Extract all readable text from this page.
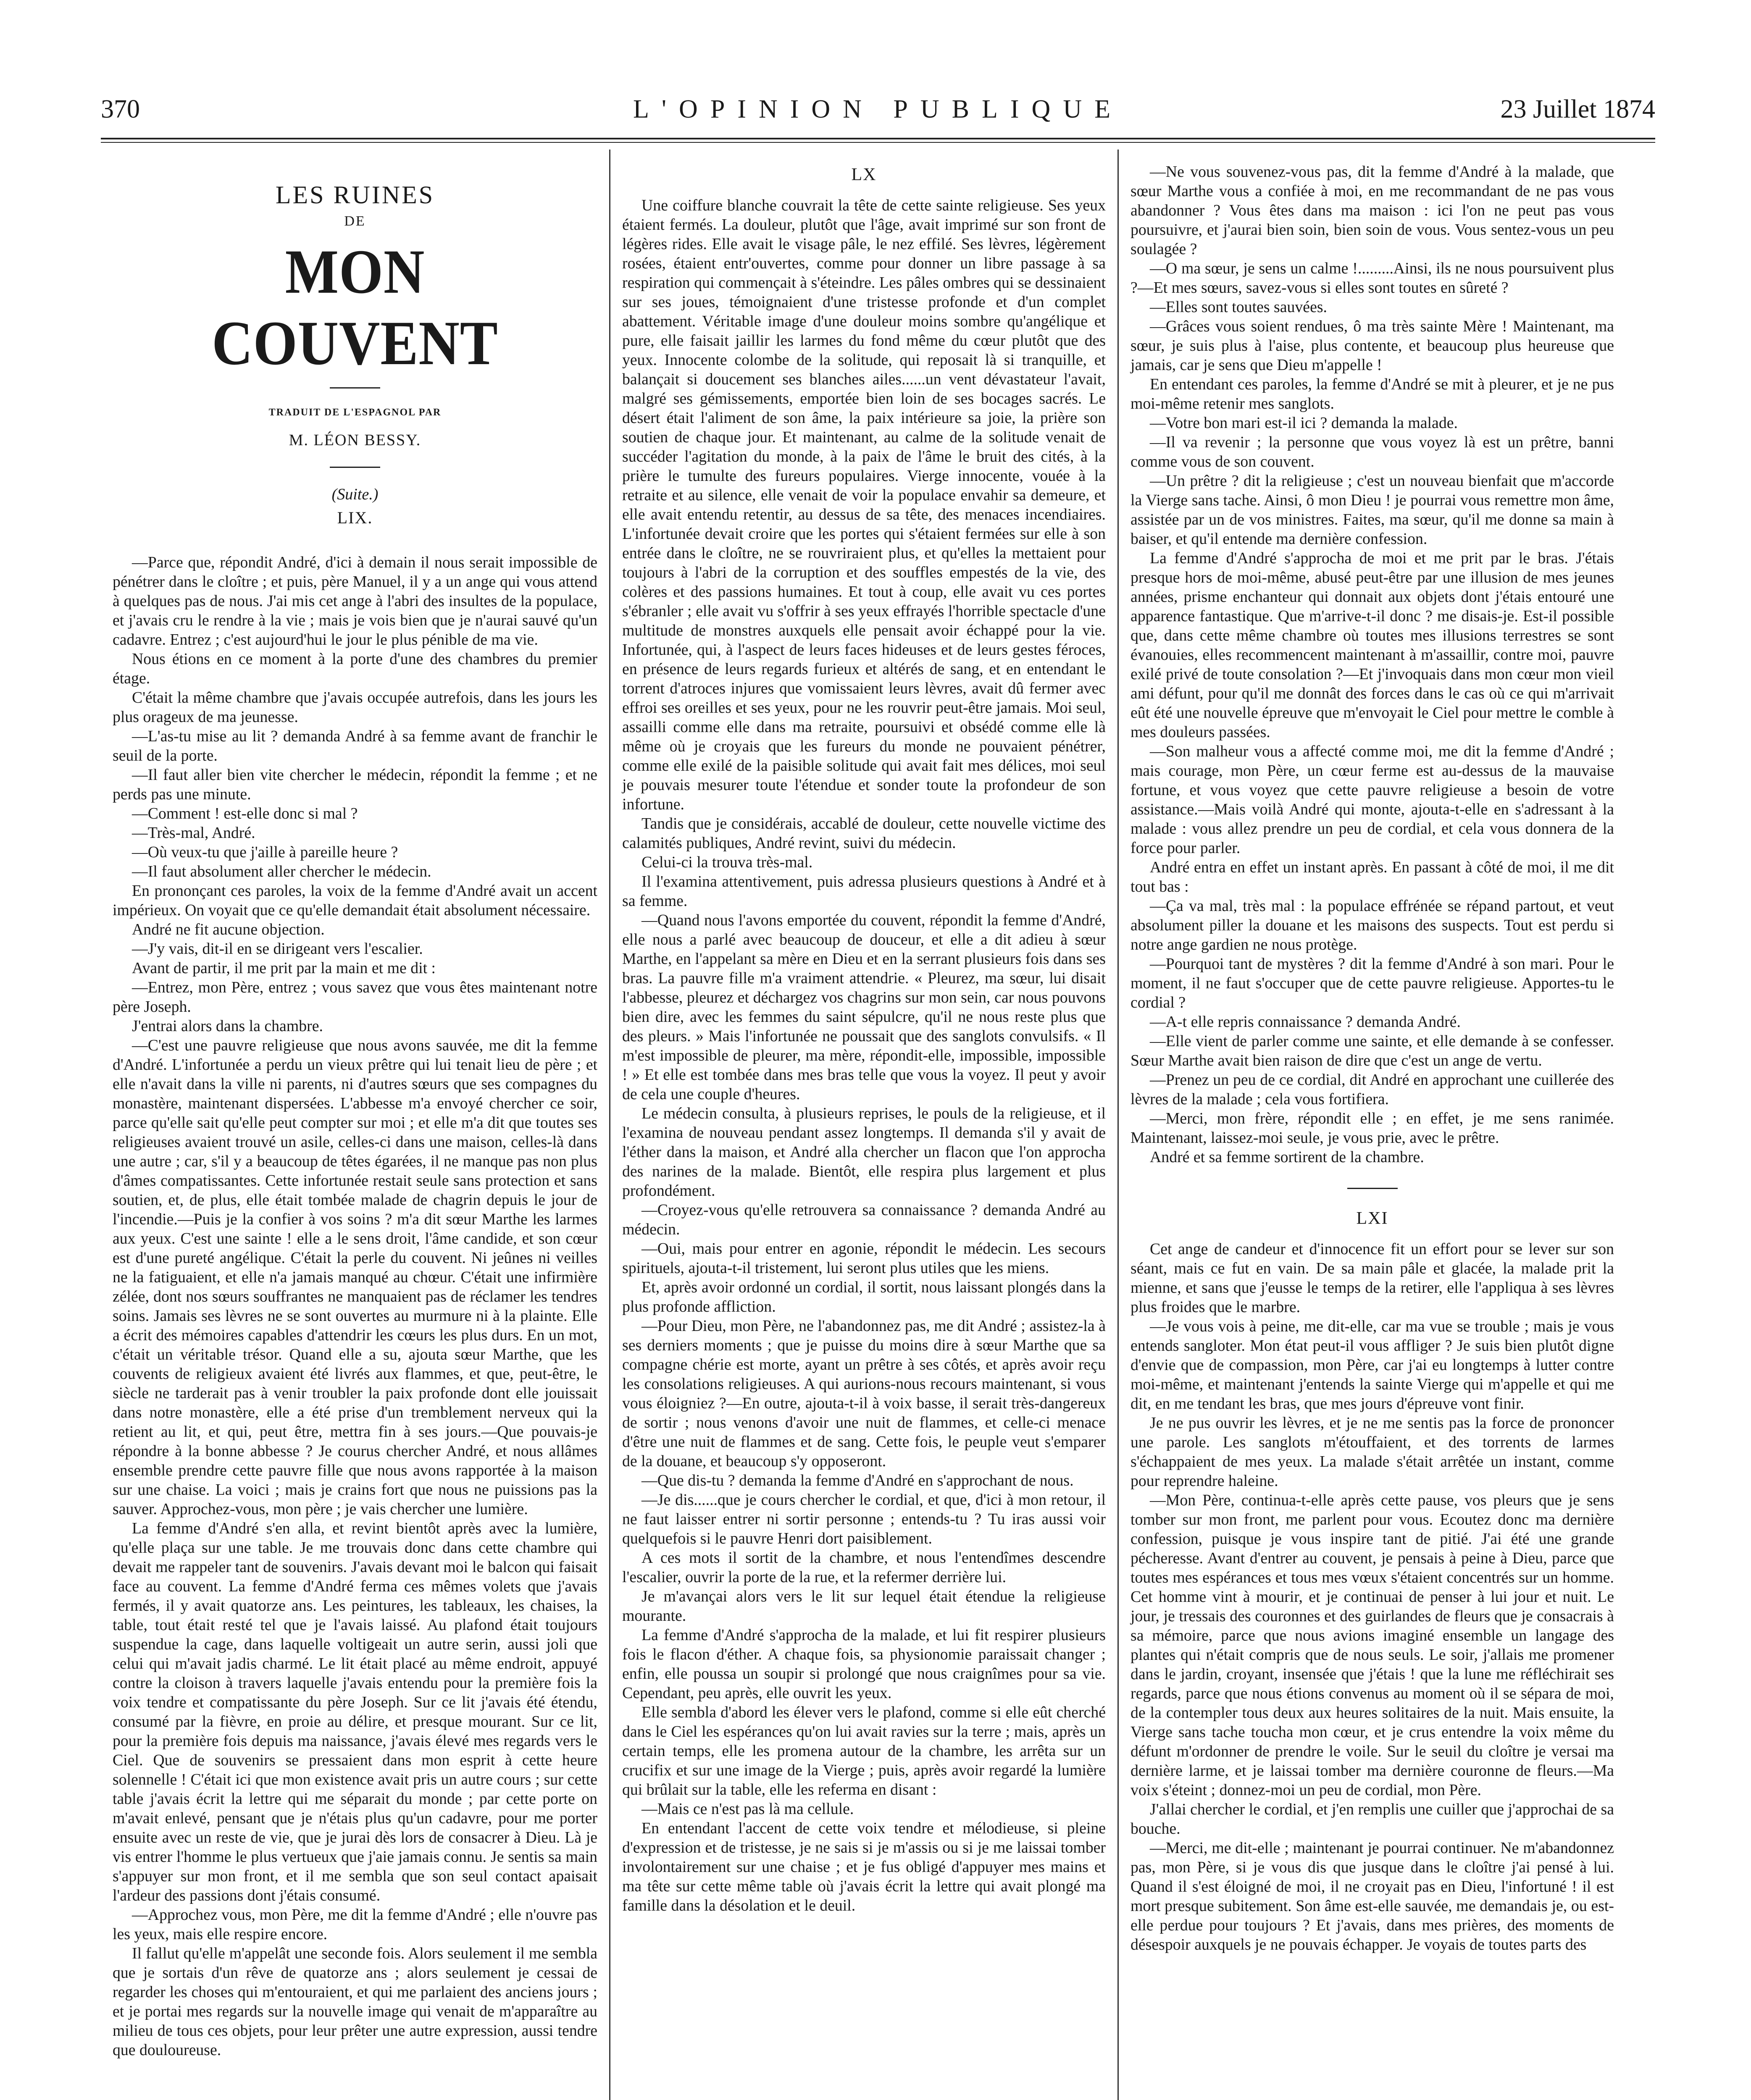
370	L'OPINION PUBLIQUE	23 Juillet 1874
LES RUINES
DE
MON COUVENT
TRADUIT DE L'ESPAGNOL PAR
M. LÉON BESSY.
(Suite.)
LIX.

—Parce que, répondit André, d'ici à demain il nous serait impossible de pénétrer dans le cloître ; et puis, père Manuel, il y a un ange qui vous attend à quelques pas de nous. J'ai mis cet ange à l'abri des insultes de la populace, et j'avais cru le rendre à la vie ; mais je vois bien que je n'aurai sauvé qu'un cadavre. Entrez ; c'est aujourd'hui le jour le plus pénible de ma vie.

Nous étions en ce moment à la porte d'une des chambres du premier étage.

C'était la même chambre que j'avais occupée autrefois, dans les jours les plus orageux de ma jeunesse.

—L'as-tu mise au lit ? demanda André à sa femme avant de franchir le seuil de la porte.

—Il faut aller bien vite chercher le médecin, répondit la femme ; et ne perds pas une minute.

—Comment ! est-elle donc si mal ?

—Très-mal, André.

—Où veux-tu que j'aille à pareille heure ?

—Il faut absolument aller chercher le médecin.

En prononçant ces paroles, la voix de la femme d'André avait un accent impérieux. On voyait que ce qu'elle demandait était absolument nécessaire.

André ne fit aucune objection.

—J'y vais, dit-il en se dirigeant vers l'escalier.

Avant de partir, il me prit par la main et me dit :

—Entrez, mon Père, entrez ; vous savez que vous êtes maintenant notre père Joseph.

J'entrai alors dans la chambre.

—C'est une pauvre religieuse que nous avons sauvée, me dit la femme d'André. L'infortunée a perdu un vieux prêtre qui lui tenait lieu de père ; et elle n'avait dans la ville ni parents, ni d'autres sœurs que ses compagnes du monastère, maintenant dispersées. L'abbesse m'a envoyé chercher ce soir, parce qu'elle sait qu'elle peut compter sur moi ; et elle m'a dit que toutes ses religieuses avaient trouvé un asile, celles-ci dans une maison, celles-là dans une autre ; car, s'il y a beaucoup de têtes égarées, il ne manque pas non plus d'âmes compatissantes. Cette infortunée restait seule sans protection et sans soutien, et, de plus, elle était tombée malade de chagrin depuis le jour de l'incendie.—Puis je la confier à vos soins ? m'a dit sœur Marthe les larmes aux yeux. C'est une sainte ! elle a le sens droit, l'âme candide, et son cœur est d'une pureté angélique. C'était la perle du couvent. Ni jeûnes ni veilles ne la fatiguaient, et elle n'a jamais manqué au chœur. C'était une infirmière zélée, dont nos sœurs souffrantes ne manquaient pas de réclamer les tendres soins. Jamais ses lèvres ne se sont ouvertes au murmure ni à la plainte. Elle a écrit des mémoires capables d'attendrir les cœurs les plus durs. En un mot, c'était un véritable trésor. Quand elle a su, ajouta sœur Marthe, que les couvents de religieux avaient été livrés aux flammes, et que, peut-être, le siècle ne tarderait pas à venir troubler la paix profonde dont elle jouissait dans notre monastère, elle a été prise d'un tremblement nerveux qui la retient au lit, et qui, peut être, mettra fin à ses jours.—Que pouvais-je répondre à la bonne abbesse ? Je courus chercher André, et nous allâmes ensemble prendre cette pauvre fille que nous avons rapportée à la maison sur une chaise. La voici ; mais je crains fort que nous ne puissions pas la sauver. Approchez-vous, mon père ; je vais chercher une lumière.

La femme d'André s'en alla, et revint bientôt après avec la lumière, qu'elle plaça sur une table. Je me trouvais donc dans cette chambre qui devait me rappeler tant de souvenirs. J'avais devant moi le balcon qui faisait face au couvent. La femme d'André ferma ces mêmes volets que j'avais fermés, il y avait quatorze ans. Les peintures, les tableaux, les chaises, la table, tout était resté tel que je l'avais laissé. Au plafond était toujours suspendue la cage, dans laquelle voltigeait un autre serin, aussi joli que celui qui m'avait jadis charmé. Le lit était placé au même endroit, appuyé contre la cloison à travers laquelle j'avais entendu pour la première fois la voix tendre et compatissante du père Joseph. Sur ce lit j'avais été étendu, consumé par la fièvre, en proie au délire, et presque mourant. Sur ce lit, pour la première fois depuis ma naissance, j'avais élevé mes regards vers le Ciel. Que de souvenirs se pressaient dans mon esprit à cette heure solennelle ! C'était ici que mon existence avait pris un autre cours ; sur cette table j'avais écrit la lettre qui me séparait du monde ; par cette porte on m'avait enlevé, pensant que je n'étais plus qu'un cadavre, pour me porter ensuite avec un reste de vie, que je jurai dès lors de consacrer à Dieu. Là je vis entrer l'homme le plus vertueux que j'aie jamais connu. Je sentis sa main s'appuyer sur mon front, et il me sembla que son seul contact apaisait l'ardeur des passions dont j'étais consumé.

—Approchez vous, mon Père, me dit la femme d'André ; elle n'ouvre pas les yeux, mais elle respire encore.

Il fallut qu'elle m'appelât une seconde fois. Alors seulement il me sembla que je sortais d'un rêve de quatorze ans ; alors seulement je cessai de regarder les choses qui m'entouraient, et qui me parlaient des anciens jours ; et je portai mes regards sur la nouvelle image qui venait de m'apparaître au milieu de tous ces objets, pour leur prêter une autre expression, aussi tendre que douloureuse.

LX

Une coiffure blanche couvrait la tête de cette sainte religieuse. Ses yeux étaient fermés. La douleur, plutôt que l'âge, avait imprimé sur son front de légères rides. Elle avait le visage pâle, le nez effilé. Ses lèvres, légèrement rosées, étaient entr'ouvertes, comme pour donner un libre passage à sa respiration qui commençait à s'éteindre. Les pâles ombres qui se dessinaient sur ses joues, témoignaient d'une tristesse profonde et d'un complet abattement. Véritable image d'une douleur moins sombre qu'angélique et pure, elle faisait jaillir les larmes du fond même du cœur plutôt que des yeux. Innocente colombe de la solitude, qui reposait là si tranquille, et balançait si doucement ses blanches ailes......un vent dévastateur l'avait, malgré ses gémissements, emportée bien loin de ses bocages sacrés. Le désert était l'aliment de son âme, la paix intérieure sa joie, la prière son soutien de chaque jour. Et maintenant, au calme de la solitude venait de succéder l'agitation du monde, à la paix de l'âme le bruit des cités, à la prière le tumulte des fureurs populaires. Vierge innocente, vouée à la retraite et au silence, elle venait de voir la populace envahir sa demeure, et elle avait entendu retentir, au dessus de sa tête, des menaces incendiaires. L'infortunée devait croire que les portes qui s'étaient fermées sur elle à son entrée dans le cloître, ne se rouvriraient plus, et qu'elles la mettaient pour toujours à l'abri de la corruption et des souffles empestés de la vie, des colères et des passions humaines. Et tout à coup, elle avait vu ces portes s'ébranler ; elle avait vu s'offrir à ses yeux effrayés l'horrible spectacle d'une multitude de monstres auxquels elle pensait avoir échappé pour la vie. Infortunée, qui, à l'aspect de leurs faces hideuses et de leurs gestes féroces, en présence de leurs regards furieux et altérés de sang, et en entendant le torrent d'atroces injures que vomissaient leurs lèvres, avait dû fermer avec effroi ses oreilles et ses yeux, pour ne les rouvrir peut-être jamais. Moi seul, assailli comme elle dans ma retraite, poursuivi et obsédé comme elle là même où je croyais que les fureurs du monde ne pouvaient pénétrer, comme elle exilé de la paisible solitude qui avait fait mes délices, moi seul je pouvais mesurer toute l'étendue et sonder toute la profondeur de son infortune.

Tandis que je considérais, accablé de douleur, cette nouvelle victime des calamités publiques, André revint, suivi du médecin.

Celui-ci la trouva très-mal.

Il l'examina attentivement, puis adressa plusieurs questions à André et à sa femme.

—Quand nous l'avons emportée du couvent, répondit la femme d'André, elle nous a parlé avec beaucoup de douceur, et elle a dit adieu à sœur Marthe, en l'appelant sa mère en Dieu et en la serrant plusieurs fois dans ses bras. La pauvre fille m'a vraiment attendrie. « Pleurez, ma sœur, lui disait l'abbesse, pleurez et déchargez vos chagrins sur mon sein, car nous pouvons bien dire, avec les femmes du saint sépulcre, qu'il ne nous reste plus que des pleurs. » Mais l'infortunée ne poussait que des sanglots convulsifs. « Il m'est impossible de pleurer, ma mère, répondit-elle, impossible, impossible ! » Et elle est tombée dans mes bras telle que vous la voyez. Il peut y avoir de cela une couple d'heures.

Le médecin consulta, à plusieurs reprises, le pouls de la religieuse, et il l'examina de nouveau pendant assez longtemps. Il demanda s'il y avait de l'éther dans la maison, et André alla chercher un flacon que l'on approcha des narines de la malade. Bientôt, elle respira plus largement et plus profondément.

—Croyez-vous qu'elle retrouvera sa connaissance ? demanda André au médecin.

—Oui, mais pour entrer en agonie, répondit le médecin. Les secours spirituels, ajouta-t-il tristement, lui seront plus utiles que les miens.

Et, après avoir ordonné un cordial, il sortit, nous laissant plongés dans la plus profonde affliction.

—Pour Dieu, mon Père, ne l'abandonnez pas, me dit André ; assistez-la à ses derniers moments ; que je puisse du moins dire à sœur Marthe que sa compagne chérie est morte, ayant un prêtre à ses côtés, et après avoir reçu les consolations religieuses. A qui aurions-nous recours maintenant, si vous vous éloigniez ?—En outre, ajouta-t-il à voix basse, il serait très-dangereux de sortir ; nous venons d'avoir une nuit de flammes, et celle-ci menace d'être une nuit de flammes et de sang. Cette fois, le peuple veut s'emparer de la douane, et beaucoup s'y opposeront.

—Que dis-tu ? demanda la femme d'André en s'approchant de nous.

—Je dis......que je cours chercher le cordial, et que, d'ici à mon retour, il ne faut laisser entrer ni sortir personne ; entends-tu ? Tu iras aussi voir quelquefois si le pauvre Henri dort paisiblement.

A ces mots il sortit de la chambre, et nous l'entendîmes descendre l'escalier, ouvrir la porte de la rue, et la refermer derrière lui.

Je m'avançai alors vers le lit sur lequel était étendue la religieuse mourante.

La femme d'André s'approcha de la malade, et lui fit respirer plusieurs fois le flacon d'éther. A chaque fois, sa physionomie paraissait changer ; enfin, elle poussa un soupir si prolongé que nous craignîmes pour sa vie. Cependant, peu après, elle ouvrit les yeux.

Elle sembla d'abord les élever vers le plafond, comme si elle eût cherché dans le Ciel les espérances qu'on lui avait ravies sur la terre ; mais, après un certain temps, elle les promena autour de la chambre, les arrêta sur un crucifix et sur une image de la Vierge ; puis, après avoir regardé la lumière qui brûlait sur la table, elle les referma en disant :

—Mais ce n'est pas là ma cellule.

En entendant l'accent de cette voix tendre et mélodieuse, si pleine d'expression et de tristesse, je ne sais si je m'assis ou si je me laissai tomber involontairement sur une chaise ; et je fus obligé d'appuyer mes mains et ma tête sur cette même table où j'avais écrit la lettre qui avait plongé ma famille dans la désolation et le deuil.

—Ne vous souvenez-vous pas, dit la femme d'André à la malade, que sœur Marthe vous a confiée à moi, en me recommandant de ne pas vous abandonner ? Vous êtes dans ma maison : ici l'on ne peut pas vous poursuivre, et j'aurai bien soin, bien soin de vous. Vous sentez-vous un peu soulagée ?

—O ma sœur, je sens un calme !.........Ainsi, ils ne nous poursuivent plus ?—Et mes sœurs, savez-vous si elles sont toutes en sûreté ?

—Elles sont toutes sauvées.

—Grâces vous soient rendues, ô ma très sainte Mère ! Maintenant, ma sœur, je suis plus à l'aise, plus contente, et beaucoup plus heureuse que jamais, car je sens que Dieu m'appelle !

En entendant ces paroles, la femme d'André se mit à pleurer, et je ne pus moi-même retenir mes sanglots.

—Votre bon mari est-il ici ? demanda la malade.

—Il va revenir ; la personne que vous voyez là est un prêtre, banni comme vous de son couvent.

—Un prêtre ? dit la religieuse ; c'est un nouveau bienfait que m'accorde la Vierge sans tache. Ainsi, ô mon Dieu ! je pourrai vous remettre mon âme, assistée par un de vos ministres. Faites, ma sœur, qu'il me donne sa main à baiser, et qu'il entende ma dernière confession.

La femme d'André s'approcha de moi et me prit par le bras. J'étais presque hors de moi-même, abusé peut-être par une illusion de mes jeunes années, prisme enchanteur qui donnait aux objets dont j'étais entouré une apparence fantastique. Que m'arrive-t-il donc ? me disais-je. Est-il possible que, dans cette même chambre où toutes mes illusions terrestres se sont évanouies, elles recommencent maintenant à m'assaillir, contre moi, pauvre exilé privé de toute consolation ?—Et j'invoquais dans mon cœur mon vieil ami défunt, pour qu'il me donnât des forces dans le cas où ce qui m'arrivait eût été une nouvelle épreuve que m'envoyait le Ciel pour mettre le comble à mes douleurs passées.

—Son malheur vous a affecté comme moi, me dit la femme d'André ; mais courage, mon Père, un cœur ferme est au-dessus de la mauvaise fortune, et vous voyez que cette pauvre religieuse a besoin de votre assistance.—Mais voilà André qui monte, ajouta-t-elle en s'adressant à la malade : vous allez prendre un peu de cordial, et cela vous donnera de la force pour parler.

André entra en effet un instant après. En passant à côté de moi, il me dit tout bas :

—Ça va mal, très mal : la populace effrénée se répand partout, et veut absolument piller la douane et les maisons des suspects. Tout est perdu si notre ange gardien ne nous protège.

—Pourquoi tant de mystères ? dit la femme d'André à son mari. Pour le moment, il ne faut s'occuper que de cette pauvre religieuse. Apportes-tu le cordial ?

—A-t elle repris connaissance ? demanda André.

—Elle vient de parler comme une sainte, et elle demande à se confesser. Sœur Marthe avait bien raison de dire que c'est un ange de vertu.

—Prenez un peu de ce cordial, dit André en approchant une cuillerée des lèvres de la malade ; cela vous fortifiera.

—Merci, mon frère, répondit elle ; en effet, je me sens ranimée. Maintenant, laissez-moi seule, je vous prie, avec le prêtre.

André et sa femme sortirent de la chambre.

LXI

Cet ange de candeur et d'innocence fit un effort pour se lever sur son séant, mais ce fut en vain. De sa main pâle et glacée, la malade prit la mienne, et sans que j'eusse le temps de la retirer, elle l'appliqua à ses lèvres plus froides que le marbre.

—Je vous vois à peine, me dit-elle, car ma vue se trouble ; mais je vous entends sangloter. Mon état peut-il vous affliger ? Je suis bien plutôt digne d'envie que de compassion, mon Père, car j'ai eu longtemps à lutter contre moi-même, et maintenant j'entends la sainte Vierge qui m'appelle et qui me dit, en me tendant les bras, que mes jours d'épreuve vont finir.

Je ne pus ouvrir les lèvres, et je ne me sentis pas la force de prononcer une parole. Les sanglots m'étouffaient, et des torrents de larmes s'échappaient de mes yeux. La malade s'était arrêtée un instant, comme pour reprendre haleine.

—Mon Père, continua-t-elle après cette pause, vos pleurs que je sens tomber sur mon front, me parlent pour vous. Ecoutez donc ma dernière confession, puisque je vous inspire tant de pitié. J'ai été une grande pécheresse. Avant d'entrer au couvent, je pensais à peine à Dieu, parce que toutes mes espérances et tous mes vœux s'étaient concentrés sur un homme. Cet homme vint à mourir, et je continuai de penser à lui jour et nuit. Le jour, je tressais des couronnes et des guirlandes de fleurs que je consacrais à sa mémoire, parce que nous avions imaginé ensemble un langage des plantes qui n'était compris que de nous seuls. Le soir, j'allais me promener dans le jardin, croyant, insensée que j'étais ! que la lune me réfléchirait ses regards, parce que nous étions convenus au moment où il se sépara de moi, de la contempler tous deux aux heures solitaires de la nuit. Mais ensuite, la Vierge sans tache toucha mon cœur, et je crus entendre la voix même du défunt m'ordonner de prendre le voile. Sur le seuil du cloître je versai ma dernière larme, et je laissai tomber ma dernière couronne de fleurs.—Ma voix s'éteint ; donnez-moi un peu de cordial, mon Père.

J'allai chercher le cordial, et j'en remplis une cuiller que j'approchai de sa bouche.

—Merci, me dit-elle ; maintenant je pourrai continuer. Ne m'abandonnez pas, mon Père, si je vous dis que jusque dans le cloître j'ai pensé à lui. Quand il s'est éloigné de moi, il ne croyait pas en Dieu, l'infortuné ! il est mort presque subitement. Son âme est-elle sauvée, me demandais je, ou est-elle perdue pour toujours ? Et j'avais, dans mes prières, des moments de désespoir auxquels je ne pouvais échapper. Je voyais de toutes parts des
